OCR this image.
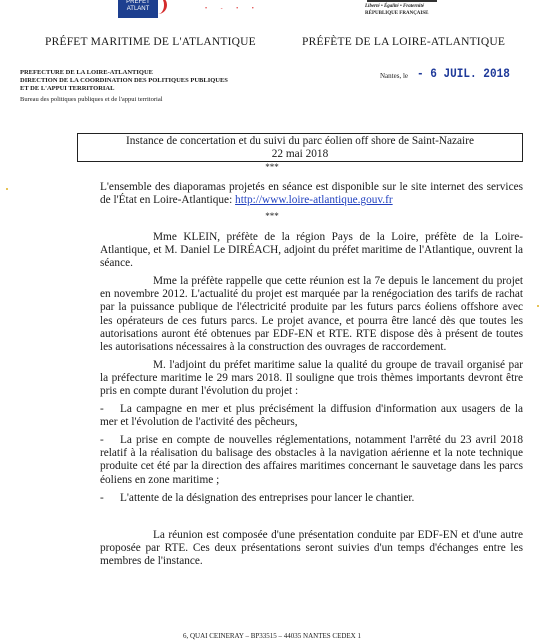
PRÉFET
ATLANT	• - • •	Liberté • Égalité • Fraternité
RÉPUBLIQUE FRANÇAISE
PRÉFET MARITIME DE L'ATLANTIQUE	PRÉFÈTE DE LA LOIRE-ATLANTIQUE
PREFECTURE DE LA LOIRE-ATLANTIQUE
DIRECTION DE LA COORDINATION DES POLITIQUES PUBLIQUES
ET DE L'APPUI TERRITORIAL
Bureau des politiques publiques et de l'appui territorial
Nantes, le - 6 JUIL. 2018
Instance de concertation et du suivi du parc éolien off shore de Saint-Nazaire
22 mai 2018
***
L'ensemble des diaporamas projetés en séance est disponible sur le site internet des services de l'État en Loire-Atlantique: http://www.loire-atlantique.gouv.fr
***
Mme KLEIN, préfète de la région Pays de la Loire, préfète de la Loire-Atlantique, et M. Daniel Le DIRÉACH, adjoint du préfet maritime de l'Atlantique, ouvrent la séance.
Mme la préfète rappelle que cette réunion est la 7e depuis le lancement du projet en novembre 2012. L'actualité du projet est marquée par la renégociation des tarifs de rachat par la puissance publique de l'électricité produite par les futurs parcs éoliens offshore avec les opérateurs de ces futurs parcs. Le projet avance, et pourra être lancé dès que toutes les autorisations auront été obtenues par EDF-EN et RTE. RTE dispose dès à présent de toutes les autorisations nécessaires à la construction des ouvrages de raccordement.
M. l'adjoint du préfet maritime salue la qualité du groupe de travail organisé par la préfecture maritime le 29 mars 2018. Il souligne que trois thèmes importants devront être pris en compte durant l'évolution du projet :
-	La campagne en mer et plus précisément la diffusion d'information aux usagers de la mer et l'évolution de l'activité des pêcheurs,
-	La prise en compte de nouvelles réglementations, notamment l'arrêté du 23 avril 2018 relatif à la réalisation du balisage des obstacles à la navigation aérienne et la note technique produite cet été par la direction des affaires maritimes concernant le sauvetage dans les parcs éoliens en zone maritime ;
-	L'attente de la désignation des entreprises pour lancer le chantier.
La réunion est composée d'une présentation conduite par EDF-EN et d'une autre proposée par RTE. Ces deux présentations seront suivies d'un temps d'échanges entre les membres de l'instance.
6, QUAI CEINERAY – BP33515 – 44035 NANTES CEDEX 1
